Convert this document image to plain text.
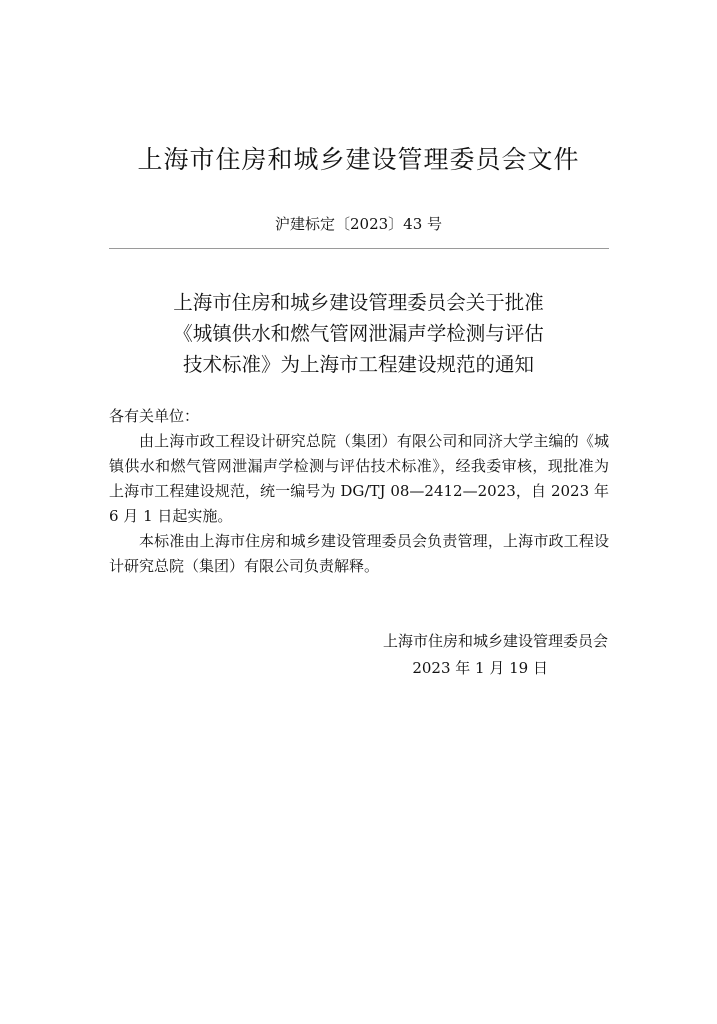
上海市住房和城乡建设管理委员会文件
沪建标定〔2023〕43 号
上海市住房和城乡建设管理委员会关于批准
《城镇供水和燃气管网泄漏声学检测与评估
技术标准》为上海市工程建设规范的通知

各有关单位：

由上海市政工程设计研究总院（集团）有限公司和同济大学主编的《城镇供水和燃气管网泄漏声学检测与评估技术标准》，经我委审核，现批准为上海市工程建设规范，统一编号为 DG/TJ 08—2412—2023，自 2023 年 6 月 1 日起实施。

本标准由上海市住房和城乡建设管理委员会负责管理，上海市政工程设计研究总院（集团）有限公司负责解释。

上海市住房和城乡建设管理委员会
2023 年 1 月 19 日
